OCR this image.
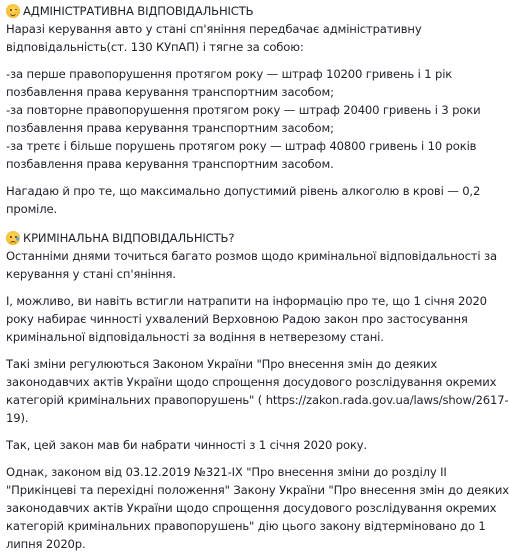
АДМІНІСТРАТИВНА ВІДПОВІДАЛЬНІСТЬ

Наразі керування авто у стані сп'яніння передбачає адміністративну
відповідальність(ст. 130 КУпАП) і тягне за собою:

-за перше правопорушення протягом року — штраф 10200 гривень і 1 рік
позбавлення права керування транспортним засобом;
-за повторне правопорушення протягом року — штраф 20400 гривень і 3 роки
позбавлення права керування транспортним засобом;
-за третє і більше порушень протягом року — штраф 40800 гривень і 10 років
позбавлення права керування транспортним засобом.

Нагадаю й про те, що максимально допустимий рівень алкоголю в крові — 0,2
проміле.

КРИМІНАЛЬНА ВІДПОВІДАЛЬНІСТЬ?

Останніми днями точиться багато розмов щодо кримінальної відповідальності за
керування у стані сп'яніння.

І, можливо, ви навіть встигли натрапити на інформацію про те, що 1 січня 2020
року набирає чинності ухвалений Верховною Радою закон про застосування
кримінальної відповідальності за водіння в нетверезому стані.

Такі зміни регулюються Законом України "Про внесення змін до деяких
законодавчих актів України щодо спрощення досудового розслідування окремих
категорій кримінальних правопорушень" ( https://zakon.rada.gov.ua/laws/show/2617-
19).

Так, цей закон мав би набрати чинності з 1 січня 2020 року.

Однак, законом від 03.12.2019 №321-IX "Про внесення зміни до розділу II
"Прикінцеві та перехідні положення" Закону України "Про внесення змін до деяких
законодавчих актів України щодо спрощення досудового розслідування окремих
категорій кримінальних правопорушень" дію цього закону відтерміновано до 1
липня 2020р.
